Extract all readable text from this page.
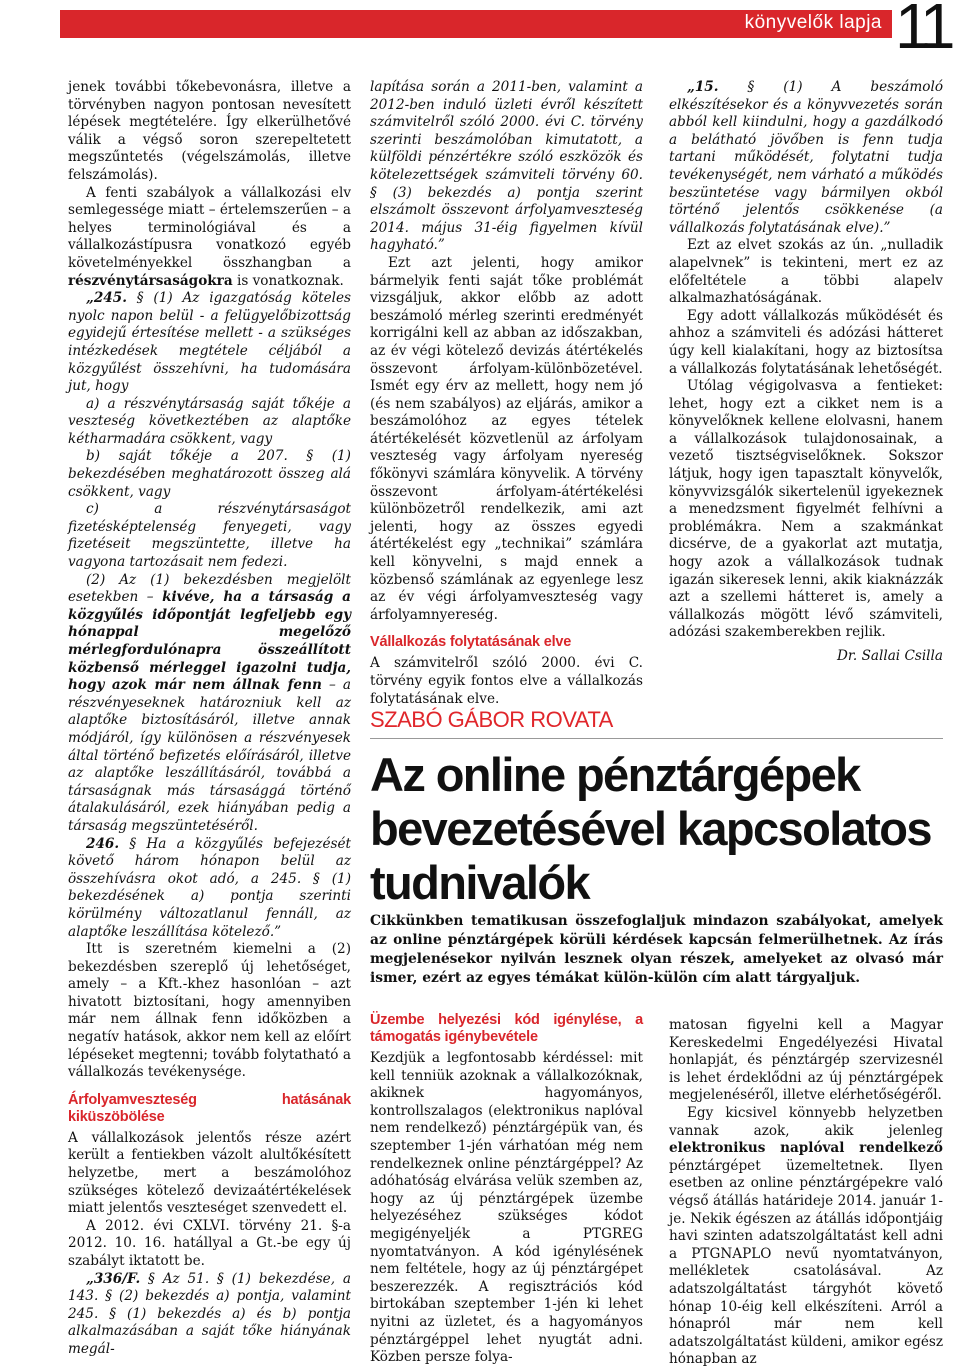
könyvelők lapja 11

jenek további tőkebevonásra, illetve a törvényben nagyon pontosan nevesített lépések megtételére. Így elkerülhetővé válik a végső soron szerepeltetett megszűntetés (végelszámolás, illetve felszámolás).

A fenti szabályok a vállalkozási elv semlegessége miatt – értelemszerűen – a helyes terminológiával és a vállalkozástípusra vonatkozó egyéb követelményekkel összhangban a részvénytársaságokra is vonatkoznak.

„245. § (1) Az igazgatóság köteles nyolc napon belül - a felügyelőbizottság egyidejű értesítése mellett - a szükséges intézkedések megtétele céljából a közgyűlést összehívni, ha tudomására jut, hogy

a) a részvénytársaság saját tőkéje a veszteség következtében az alaptőke kétharmadára csökkent, vagy

b) saját tőkéje a 207. § (1) bekezdésében meghatározott összeg alá csökkent, vagy

c) a részvénytársaságot fizetésképtelenség fenyegeti, vagy fizetéseit megszüntette, illetve ha vagyona tartozásait nem fedezi.

(2) Az (1) bekezdésben megjelölt esetekben – kivéve, ha a társaság a közgyűlés időpontját legfeljebb egy hónappal megelőző mérlegfordulónapra összeállított közbenső mérleggel igazolni tudja, hogy azok már nem állnak fenn – a részvényeseknek határozniuk kell az alaptőke biztosításáról, illetve annak módjáról, így különösen a részvényesek által történő befizetés előírásáról, illetve az alaptőke leszállításáról, továbbá a társaságnak más társasággá történő átalakulásáról, ezek hiányában pedig a társaság megszüntetéséről.

246. § Ha a közgyűlés befejezését követő három hónapon belül az összehívásra okot adó, a 245. § (1) bekezdésének a) pontja szerinti körülmény változatlanul fennáll, az alaptőke leszállítása kötelező.”

Itt is szeretném kiemelni a (2) bekezdésben szereplő új lehetőséget, amely – a Kft.-khez hasonlóan – azt hivatott biztosítani, hogy amennyiben már nem állnak fenn időközben a negatív hatások, akkor nem kell az előírt lépéseket megtenni; tovább folytatható a vállalkozás tevékenysége.

Árfolyamveszteség hatásának kiküszöbölése

A vállalkozások jelentős része azért került a fentiekben vázolt alultőkésített helyzetbe, mert a beszámolóhoz szükséges kötelező devizaátértékelések miatt jelentős veszteséget szenvedett el.

A 2012. évi CXLVI. törvény 21. §-a 2012. 10. 16. hatállyal a Gt.-be egy új szabályt iktatott be.

„336/F. § Az 51. § (1) bekezdése, a 143. § (2) bekezdés a) pontja, valamint 245. § (1) bekezdés a) és b) pontja alkalmazásában a saját tőke hiányának megál-

lapítása során a 2011-ben, valamint a 2012-ben induló üzleti évről készített számvitelről szóló 2000. évi C. törvény szerinti beszámolóban kimutatott, a külföldi pénzértékre szóló eszközök és kötelezettségek számviteli törvény 60. § (3) bekezdés a) pontja szerint elszámolt összevont árfolyamveszteség 2014. május 31-éig figyelmen kívül hagyható.”

Ezt azt jelenti, hogy amikor bármelyik fenti saját tőke problémát vizsgáljuk, akkor előbb az adott beszámoló mérleg szerinti eredményét korrigálni kell az abban az időszakban, az év végi kötelező devizás átértékelés összevont árfolyam-különbözetével. Ismét egy érv az mellett, hogy nem jó (és nem szabályos) az eljárás, amikor a beszámolóhoz az egyes tételek átértékelését közvetlenül az árfolyam veszteség vagy árfolyam nyereség főkönyvi számlára könyvelik. A törvény összevont árfolyam-átértékelési különbözetről rendelkezik, ami azt jelenti, hogy az összes egyedi átértékelést egy „technikai” számlára kell könyvelni, s majd ennek a közbenső számlának az egyenlege lesz az év végi árfolyamveszteség vagy árfolyamnyereség.

Vállalkozás folytatásának elve

A számvitelről szóló 2000. évi C. törvény egyik fontos elve a vállalkozás folytatásának elve.

„15. § (1) A beszámoló elkészítésekor és a könyvvezetés során abból kell kiindulni, hogy a gazdálkodó a belátható jövőben is fenn tudja tartani működését, folytatni tudja tevékenységét, nem várható a működés beszüntetése vagy bármilyen okból történő jelentős csökkenése (a vállalkozás folytatásának elve).”

Ezt az elvet szokás az ún. „nulladik alapelvnek” is tekinteni, mert ez az előfeltétele a többi alapelv alkalmazhatóságának.

Egy adott vállalkozás működését és ahhoz a számviteli és adózási hátteret úgy kell kialakítani, hogy az biztosítsa a vállalkozás folytatásának lehetőségét.

Utólag végigolvasva a fentieket: lehet, hogy ezt a cikket nem is a könyvelőknek kellene elolvasni, hanem a vállalkozások tulajdonosainak, a vezető tisztségviselőknek. Sokszor látjuk, hogy igen tapasztalt könyvelők, könyvvizsgálók sikertelenül igyekeznek a menedzsment figyelmét felhívni a problémákra. Nem a szakmánkat dicsérve, de a gyakorlat azt mutatja, hogy azok a vállalkozások tudnak igazán sikeresek lenni, akik kiaknázzák azt a szellemi hátteret is, amely a vállalkozás mögött lévő számviteli, adózási szakemberekben rejlik.

Dr. Sallai Csilla
SZABÓ GÁBOR ROVATA
Az online pénztárgépek
bevezetésével kapcsolatos
tudnivalók
Cikkünkben tematikusan összefoglaljuk mindazon szabályokat, amelyek az online pénztárgépek körüli kérdések kapcsán felmerülhetnek. Az írás megjelenésekor nyilván lesznek olyan részek, amelyeket az olvasó már ismer, ezért az egyes témákat külön-külön cím alatt tárgyaljuk.
Üzembe helyezési kód igénylése, a támogatás igénybevétele

Kezdjük a legfontosabb kérdéssel: mit kell tenniük azoknak a vállalkozóknak, akiknek hagyományos, kontrollszalagos (elektronikus naplóval nem rendelkező) pénztárgépük van, és szeptember 1-jén várhatóan még nem rendelkeznek online pénztárgéppel? Az adóhatóság elvárása velük szemben az, hogy az új pénztárgépek üzembe helyezéséhez szükséges kódot megigényeljék a PTGREG nyomtatványon. A kód igénylésének nem feltétele, hogy az új pénztárgépet beszerezzék. A regisztrációs kód birtokában szeptember 1-jén ki lehet nyitni az üzletet, és a hagyományos pénztárgéppel lehet nyugtát adni. Közben persze folya-

matosan figyelni kell a Magyar Kereskedelmi Engedélyezési Hivatal honlapját, és pénztárgép szervizesnél is lehet érdeklődni az új pénztárgépek megjelenéséről, illetve elérhetőségéről.

Egy kicsivel könnyebb helyzetben vannak azok, akik jelenleg elektronikus naplóval rendelkező pénztárgépet üzemeltetnek. Ilyen esetben az online pénztárgépekre való végső átállás határideje 2014. január 1-je. Nekik égészen az átállás időpontjáig havi szinten adatszolgáltatást kell adni a PTGNAPLO nevű nyomtatványon, mellékletek csatolásával. Az adatszolgáltatást tárgyhót követő hónap 10-éig kell elkészíteni. Arról a hónapról már nem kell adatszolgáltatást küldeni, amikor egész hónapban az
